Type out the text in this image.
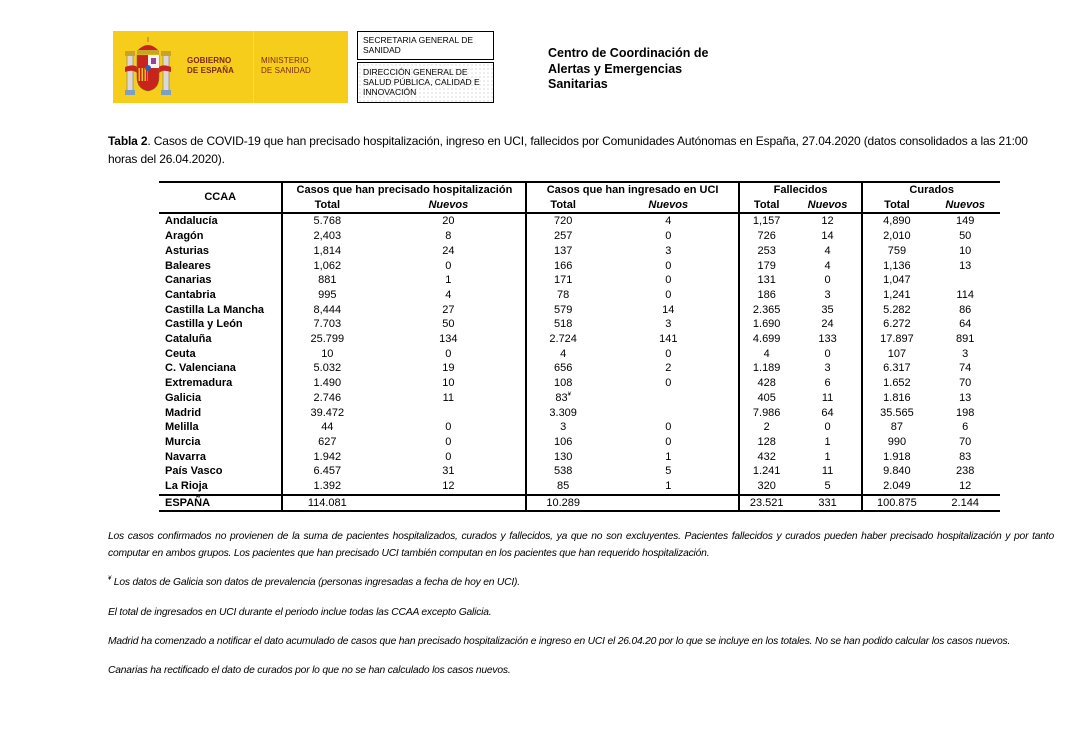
GOBIERNO
DE ESPAÑA
MINISTERIO
DE SANIDAD
SECRETARIA GENERAL DE SANIDAD
DIRECCIÓN GENERAL DE SALUD PÚBLICA, CALIDAD E INNOVACIÓN
Centro de Coordinación de
Alertas y Emergencias
Sanitarias
Tabla 2. Casos de COVID-19 que han precisado hospitalización, ingreso en UCI, fallecidos por Comunidades Autónomas en España, 27.04.2020 (datos consolidados a las 21:00 horas del 26.04.2020).
CCAA	Casos que han precisado hospitalización		Casos que han ingresado en UCI		Fallecidos		Curados	
	Total	Nuevos	Total	Nuevos	Total	Nuevos	Total	Nuevos
Andalucía	5.768	20	720	4	1,157	12	4,890	149
Aragón	2,403	8	257	0	726	14	2,010	50
Asturias	1,814	24	137	3	253	4	759	10
Baleares	1,062	0	166	0	179	4	1,136	13
Canarias	881	1	171	0	131	0	1,047	
Cantabria	995	4	78	0	186	3	1,241	114
Castilla La Mancha	8,444	27	579	14	2.365	35	5.282	86
Castilla y León	7.703	50	518	3	1.690	24	6.272	64
Cataluña	25.799	134	2.724	141	4.699	133	17.897	891
Ceuta	10	0	4	0	4	0	107	3
C. Valenciana	5.032	19	656	2	1.189	3	6.317	74
Extremadura	1.490	10	108	0	428	6	1.652	70
Galicia	2.746	11	83¥		405	11	1.816	13
Madrid	39.472		3.309		7.986	64	35.565	198
Melilla	44	0	3	0	2	0	87	6
Murcia	627	0	106	0	128	1	990	70
Navarra	1.942	0	130	1	432	1	1.918	83
País Vasco	6.457	31	538	5	1.241	11	9.840	238
La Rioja	1.392	12	85	1	320	5	2.049	12
ESPAÑA	114.081		10.289		23.521	331	100.875	2.144

Los casos confirmados no provienen de la suma de pacientes hospitalizados, curados y fallecidos, ya que no son excluyentes. Pacientes fallecidos y curados pueden haber precisado hospitalización y por tanto computar en ambos grupos. Los pacientes que han precisado UCI también computan en los pacientes que han requerido hospitalización.

¥ Los datos de Galicia son datos de prevalencia (personas ingresadas a fecha de hoy en UCI).

El total de ingresados en UCI durante el periodo inclue todas las CCAA excepto Galicia.

Madrid ha comenzado a notificar el dato acumulado de casos que han precisado hospitalización e ingreso en UCI el 26.04.20 por lo que se incluye en los totales. No se han podido calcular los casos nuevos.

Canarias ha rectificado el dato de curados por lo que no se han calculado los casos nuevos.
